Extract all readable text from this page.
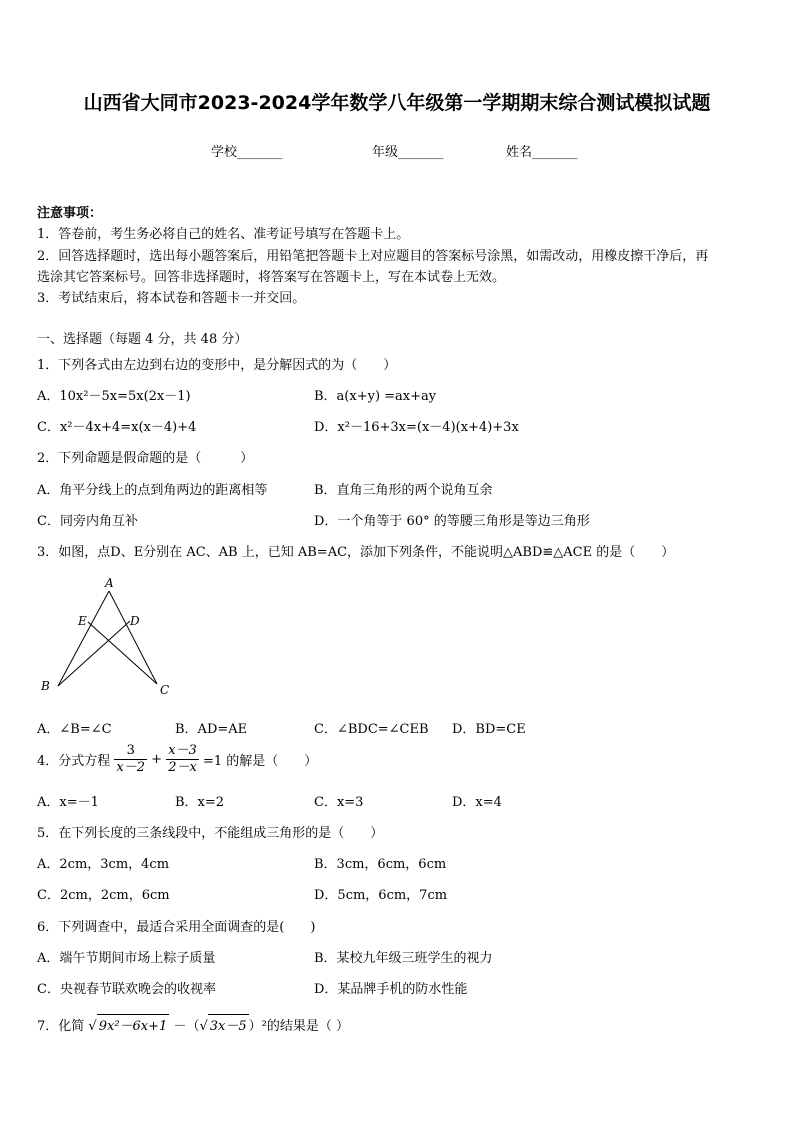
山西省大同市2023-2024学年数学八年级第一学期期末综合测试模拟试题
学校_______	年级_______	姓名_______
注意事项：
1．答卷前，考生务必将自己的姓名、准考证号填写在答题卡上。
2．回答选择题时，选出每小题答案后，用铅笔把答题卡上对应题目的答案标号涂黑，如需改动，用橡皮擦干净后，再
选涂其它答案标号。回答非选择题时，将答案写在答题卡上，写在本试卷上无效。
3．考试结束后，将本试卷和答题卡一并交回。
一、选择题（每题 4 分，共 48 分）
1．下列各式由左边到右边的变形中，是分解因式的为（　　）
A．10x²－5x=5x(2x－1)	B．a(x+y) =ax+ay
C．x²－4x+4=x(x－4)+4	D．x²－16+3x=(x－4)(x+4)+3x
2．下列命题是假命题的是（　　　）
A．角平分线上的点到角两边的距离相等	B．直角三角形的两个说角互余
C．同旁内角互补	D．一个角等于 60° 的等腰三角形是等边三角形
3．如图，点D、E分别在 AC、AB 上，已知 AB=AC，添加下列条件，不能说明△ABD≌△ACE 的是（　　）
A
E	D
B	C
A．∠B=∠C	B．AD=AE	C．∠BDC=∠CEB D．BD=CE
4．分式方程 $\frac{3}{x-2} + \frac{x-3}{2-x} =1$ 的解是（　　）
A．x=－1	B．x=2	C．x=3	D．x=4
5．在下列长度的三条线段中，不能组成三角形的是（　　）
A．2cm，3cm，4cm	B．3cm，6cm，6cm
C．2cm，2cm，6cm	D．5cm，6cm，7cm
6．下列调查中，最适合采用全面调查的是(　　)
A．端午节期间市场上粽子质量	B．某校九年级三班学生的视力
C．央视春节联欢晚会的收视率	D．某品牌手机的防水性能
7．化简 √ 9x²－6x+1 －（√ 3x－5 ）²的结果是（ ）
